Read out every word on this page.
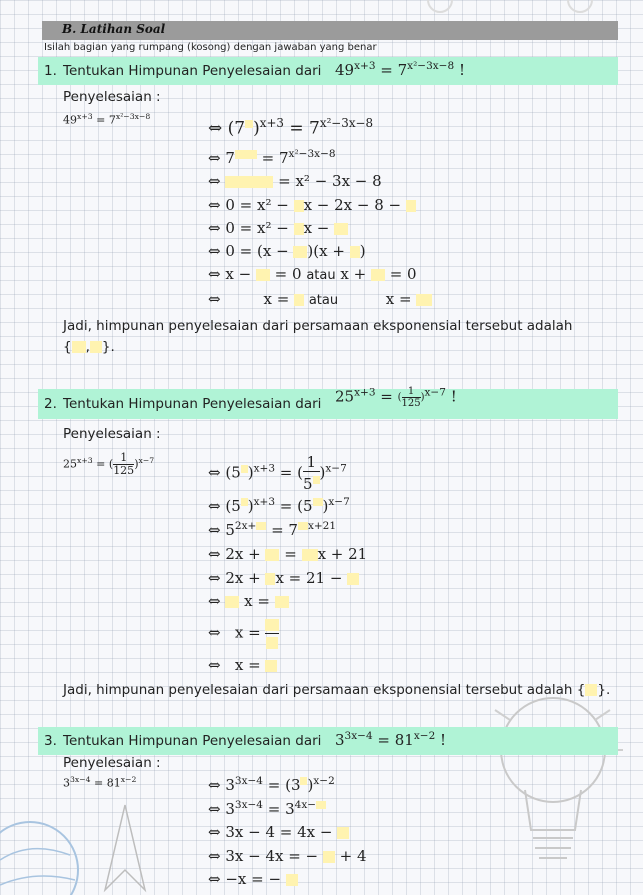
B. Latihan Soal
Isilah bagian yang rumpang (kosong) dengan jawaban yang benar
1. Tentukan Himpunan Penyelesaian dari $49^{x+3} = 7^{x^2-3x-8}$ !
Penyelesaian :
$49^{x+3} = 7^{x^2-3x-8}$
⇔ (7 )$^{x+3} = 7^{x^2-3x-8}$
⇔ $7 = 7^{x^2-3x-8}$
⇔	= x² − 3x − 8
⇔ 0 = x² − x − 2x − 8 −
⇔ 0 = x² − x −
⇔ 0 = (x − )(x + )
⇔ x −  = 0 atau x +  = 0
⇔         x =  atau          x =
Jadi, himpunan penyelesaian dari persamaan eksponensial tersebut adalah
{ , }.
2. Tentukan Himpunan Penyelesaian dari $25^{x+3}$ = ( $\frac{1}{125} )^{x-7}$ !
Penyelesaian :
$25^{x+3}$ = ( $\frac{1}{125} )^{x-7}$
⇔ (5 )$^{x+3}$ = ( $\frac{1}{5} )^{x-7}$
⇔ (5 )$^{x+3}$ = (5 )$^{x-7}$
⇔ $5^{2x+} = 7$ $^{x+21}$
⇔ 2x +  = x + 21
⇔ 2x + x = 21 −
⇔  x =
⇔   x =
⇔   x =
Jadi, himpunan penyelesaian dari persamaan eksponensial tersebut adalah { }.
3. Tentukan Himpunan Penyelesaian dari $3^{3x-4} = 81^{x-2}$ !
Penyelesaian :
$3^{3x-4} = 81^{x-2}$	⇔ $3^{3x-4} = (3$ )$^{x-2}$
⇔ $3^{3x-4} = 3^{4x-}$
⇔ 3x − 4 = 4x −
⇔ 3x − 4x = −  + 4
⇔ −x = −
